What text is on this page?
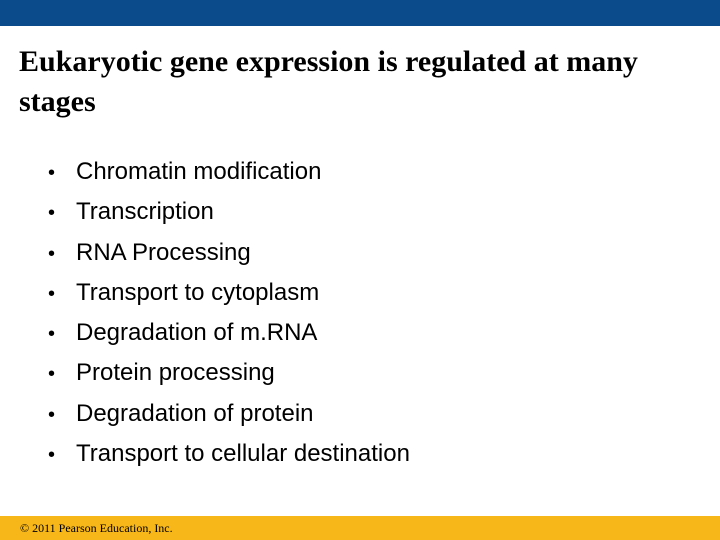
Eukaryotic gene expression is regulated at many stages
• Chromatin modification
• Transcription
• RNA Processing
• Transport to cytoplasm
• Degradation of m.RNA
• Protein processing
• Degradation of protein
• Transport to cellular destination
© 2011 Pearson Education, Inc.
